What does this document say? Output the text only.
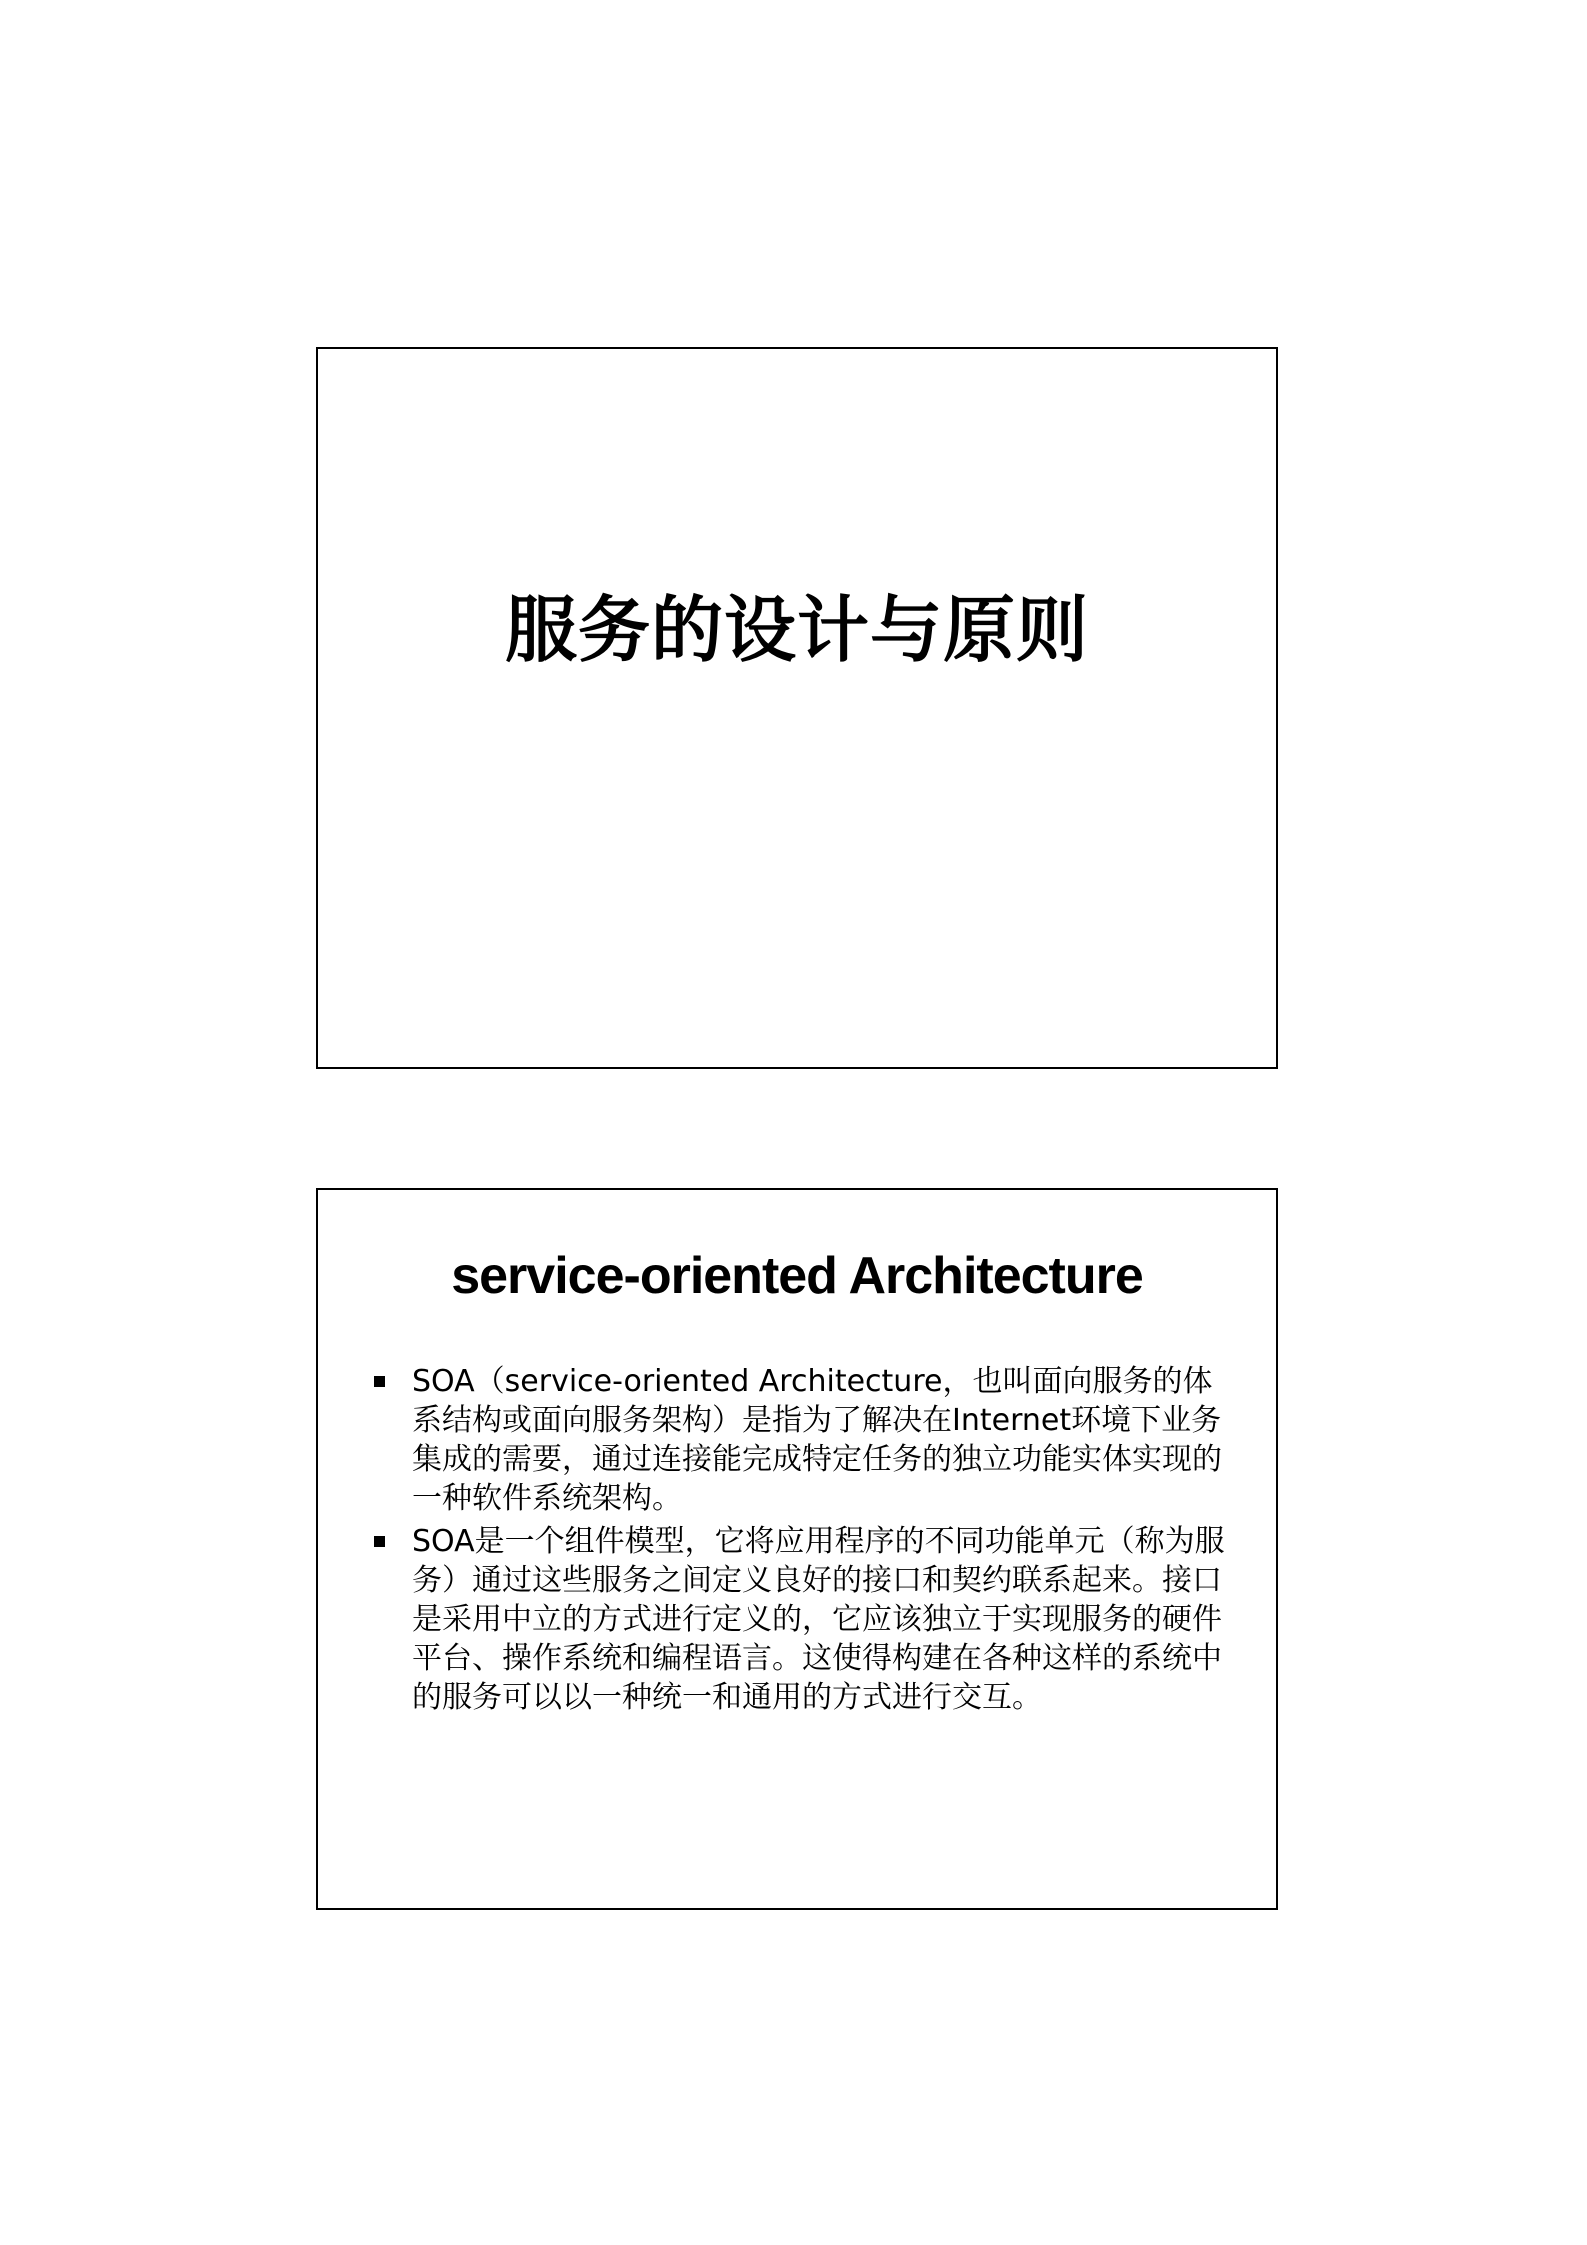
服务的设计与原则
service-oriented Architecture
SOA（service-oriented Architecture，也叫面向服务的体系结构或面向服务架构）是指为了解决在Internet环境下业务集成的需要，通过连接能完成特定任务的独立功能实体实现的一种软件系统架构。
SOA是一个组件模型，它将应用程序的不同功能单元（称为服务）通过这些服务之间定义良好的接口和契约联系起来。接口是采用中立的方式进行定义的，它应该独立于实现服务的硬件平台、操作系统和编程语言。这使得构建在各种这样的系统中的服务可以以一种统一和通用的方式进行交互。
